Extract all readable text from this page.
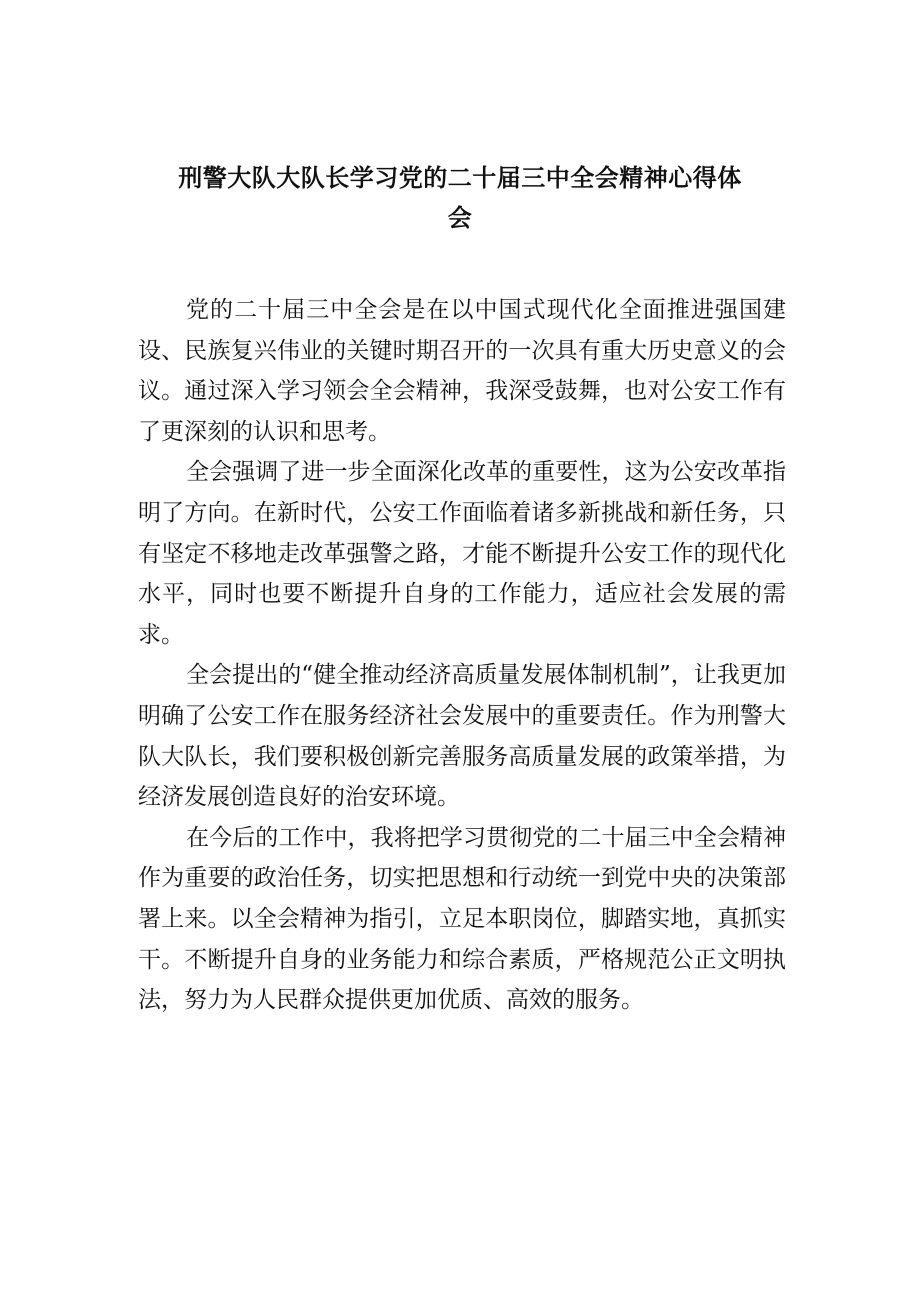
刑警大队大队长学习党的二十届三中全会精神心得体
会

党的二十届三中全会是在以中国式现代化全面推进强国建设、民族复兴伟业的关键时期召开的一次具有重大历史意义的会议。通过深入学习领会全会精神，我深受鼓舞，也对公安工作有了更深刻的认识和思考。

全会强调了进一步全面深化改革的重要性，这为公安改革指明了方向。在新时代，公安工作面临着诸多新挑战和新任务，只有坚定不移地走改革强警之路，才能不断提升公安工作的现代化水平，同时也要不断提升自身的工作能力，适应社会发展的需求。

全会提出的“健全推动经济高质量发展体制机制”，让我更加明确了公安工作在服务经济社会发展中的重要责任。作为刑警大队大队长，我们要积极创新完善服务高质量发展的政策举措，为经济发展创造良好的治安环境。

在今后的工作中，我将把学习贯彻党的二十届三中全会精神作为重要的政治任务，切实把思想和行动统一到党中央的决策部署上来。以全会精神为指引，立足本职岗位，脚踏实地，真抓实干。不断提升自身的业务能力和综合素质，严格规范公正文明执法，努力为人民群众提供更加优质、高效的服务。
